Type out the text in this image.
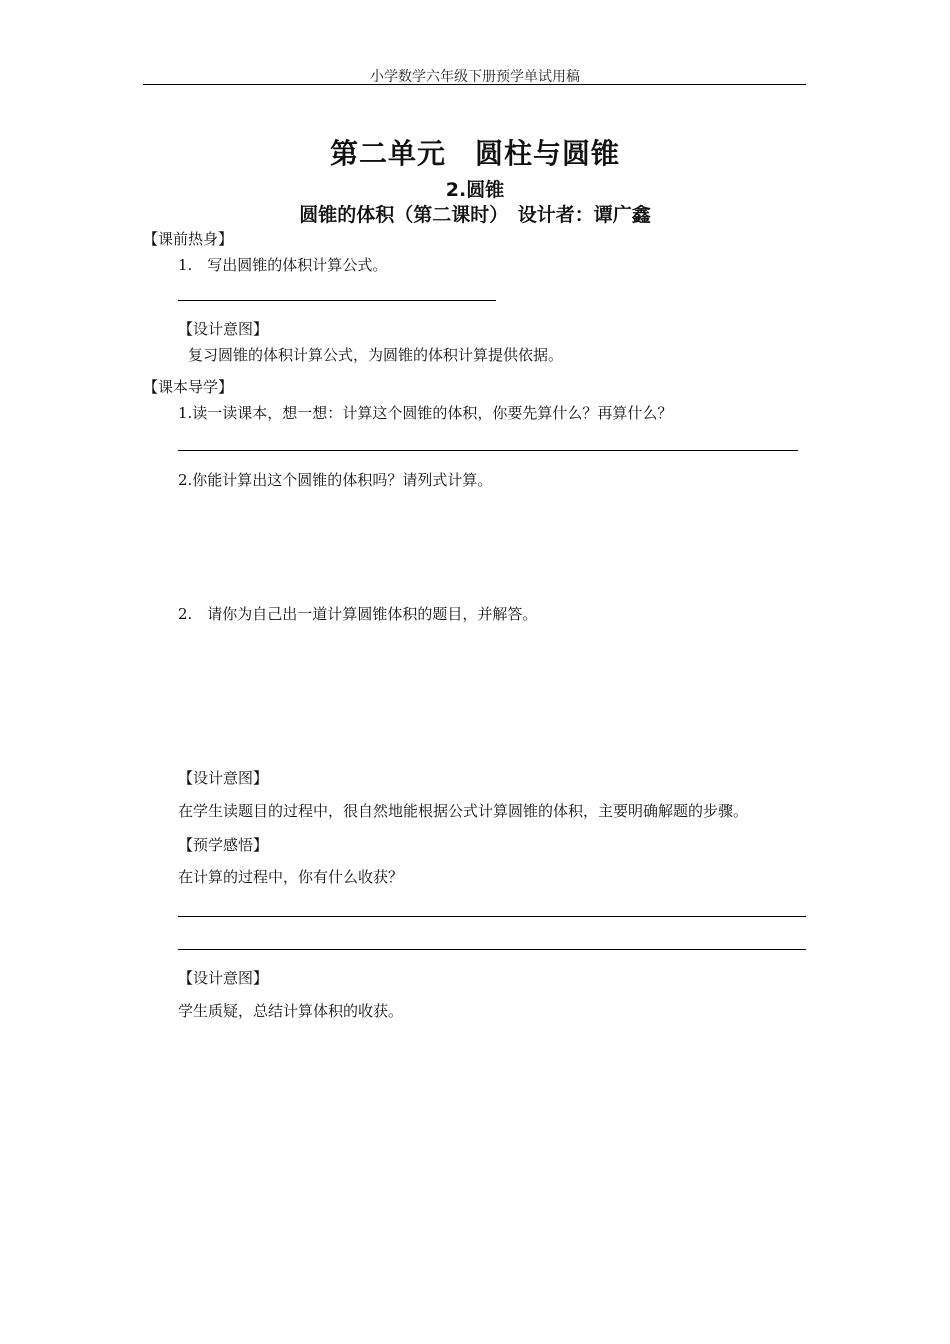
小学数学六年级下册预学单试用稿
第二单元　圆柱与圆锥
2.圆锥
圆锥的体积（第二课时）　设计者：谭广鑫
【课前热身】
1.　写出圆锥的体积计算公式。
【设计意图】
复习圆锥的体积计算公式，为圆锥的体积计算提供依据。
【课本导学】
1.读一读课本，想一想：计算这个圆锥的体积，你要先算什么？再算什么？
2.你能计算出这个圆锥的体积吗？请列式计算。
2.　请你为自己出一道计算圆锥体积的题目，并解答。
【设计意图】
在学生读题目的过程中，很自然地能根据公式计算圆锥的体积，主要明确解题的步骤。
【预学感悟】
在计算的过程中，你有什么收获？
【设计意图】
学生质疑，总结计算体积的收获。
